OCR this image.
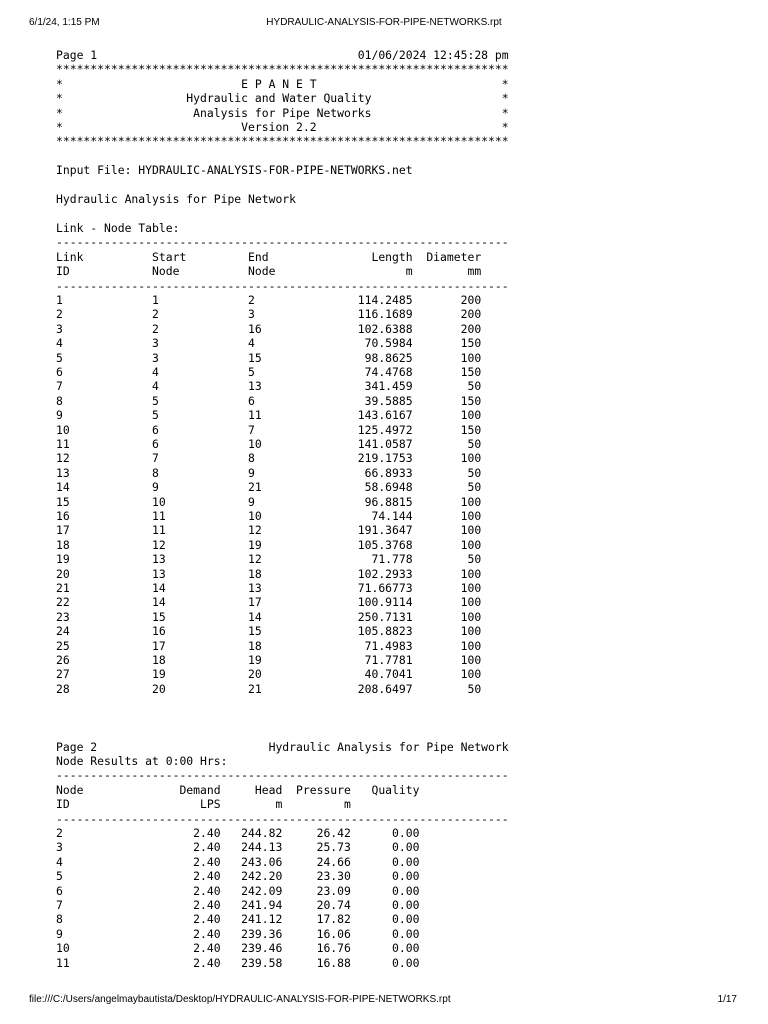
6/1/24, 1:15 PM	HYDRAULIC-ANALYSIS-FOR-PIPE-NETWORKS.rpt
Page 1                                      01/06/2024 12:45:28 pm
******************************************************************
*                          E P A N E T                           *
*                  Hydraulic and Water Quality                   *
*                   Analysis for Pipe Networks                   *
*                          Version 2.2                           *
******************************************************************

Input File: HYDRAULIC-ANALYSIS-FOR-PIPE-NETWORKS.net

Hydraulic Analysis for Pipe Network

Link - Node Table:
------------------------------------------------------------------
Link          Start         End               Length  Diameter
ID            Node          Node                   m        mm
------------------------------------------------------------------
1             1             2               114.2485       200
2             2             3               116.1689       200
3             2             16              102.6388       200
4             3             4                70.5984       150
5             3             15               98.8625       100
6             4             5                74.4768       150
7             4             13               341.459        50
8             5             6                39.5885       150
9             5             11              143.6167       100
10            6             7               125.4972       150
11            6             10              141.0587        50
12            7             8               219.1753       100
13            8             9                66.8933        50
14            9             21               58.6948        50
15            10            9                96.8815       100
16            11            10                74.144       100
17            11            12              191.3647       100
18            12            19              105.3768       100
19            13            12                71.778        50
20            13            18              102.2933       100
21            14            13              71.66773       100
22            14            17              100.9114       100
23            15            14              250.7131       100
24            16            15              105.8823       100
25            17            18               71.4983       100
26            18            19               71.7781       100
27            19            20               40.7041       100
28            20            21              208.6497        50

Page 2                         Hydraulic Analysis for Pipe Network
Node Results at 0:00 Hrs:
------------------------------------------------------------------
Node              Demand     Head  Pressure   Quality
ID                   LPS        m         m
------------------------------------------------------------------
2                   2.40   244.82     26.42      0.00
3                   2.40   244.13     25.73      0.00
4                   2.40   243.06     24.66      0.00
5                   2.40   242.20     23.30      0.00
6                   2.40   242.09     23.09      0.00
7                   2.40   241.94     20.74      0.00
8                   2.40   241.12     17.82      0.00
9                   2.40   239.36     16.06      0.00
10                  2.40   239.46     16.76      0.00
11                  2.40   239.58     16.88      0.00

file:///C:/Users/angelmaybautista/Desktop/HYDRAULIC-ANALYSIS-FOR-PIPE-NETWORKS.rpt	1/17
